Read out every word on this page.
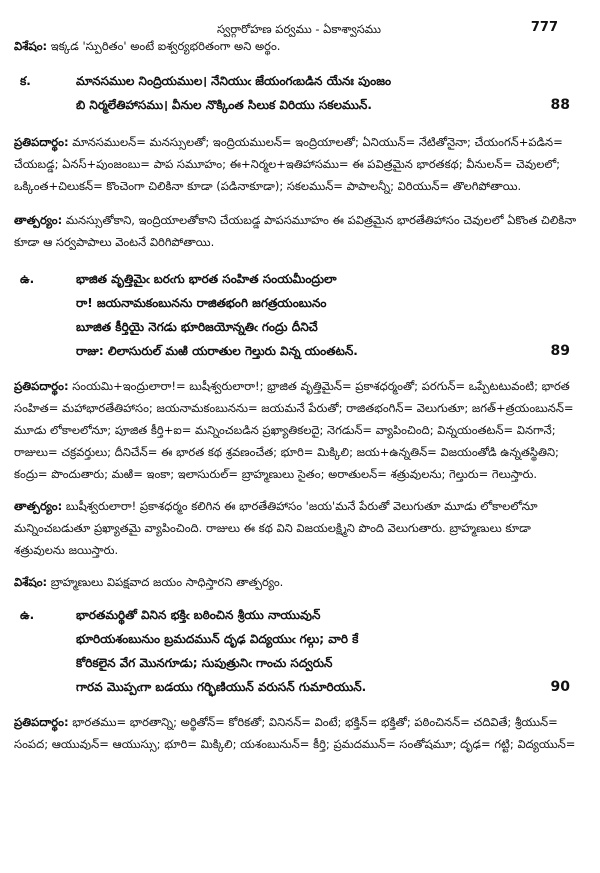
స్వర్గారోహణ పర్వము - ఏకాశ్వాసము	777

విశేషం: ఇక్కడ 'స్పురితం' అంటే ఐశ్వర్యభరితంగా అని అర్థం.

క.	మానసముల నింద్రియముల। నేనియుఁ జేయంగఁబడిన యేనః పుంజం
బి నిర్మలేతిహాసము। వీనుల నొక్కింత సిలుక విరియు సకలమున్.	88

ప్రతిపదార్థం: మానసములన్= మనస్సులతో; ఇంద్రియములన్= ఇంద్రియాలతో; ఏనియున్= నేటితోనైనా; చేయంగన్+పడిన= చేయబడ్డ; ఏనస్+పుంజంబు= పాప సమూహం; ఈ+నిర్మల+ఇతిహాసము= ఈ పవిత్రమైన భారతకథ; వీనులన్= చెవులలో; ఒక్కింత+చిలుకన్= కొంచెంగా చిలికినా కూడా (పడినాకూడా); సకలమున్= పాపాలన్నీ; విరియున్= తొలగిపోతాయి.

తాత్పర్యం: మనస్సుతోకాని, ఇంద్రియాలతోకాని చేయబడ్డ పాపసమూహం ఈ పవిత్రమైన భారతేతిహాసం చెవులలో ఏకొంత చిలికినా కూడా ఆ సర్వపాపాలు వెంటనే విరిగిపోతాయి.

ఉ.	భాజిత వృత్తిమైఁ బరఁగు భారత సంహిత సంయమీంద్రులా
రా! జయనామకంబునను రాజితభంగి జగత్రయంబునం
బూజిత కీర్తియై నెగడు భూరిజయోన్నతిఁ గంద్రు దీనిచే
రాజు: లిలాసురుల్ మఱి యరాతుల గెల్తురు విన్న యంతటన్.	89

ప్రతిపదార్థం: సంయమి+ఇంద్రులారా!= బుషీశ్వరులారా!; భ్రాజిత వృత్తిమైన్= ప్రకాశధర్మంతో; పరగున్= ఒప్పేటటువంటి; భారత సంహిత= మహాభారతేతిహాసం; జయనామకంబునను= జయమనే పేరుతో; రాజితభంగిన్= వెలుగుతూ; జగత్+త్రయంబునన్= మూడు లోకాలలోనూ; పూజిత కీర్తి+ఐ= మన్నించబడిన ప్రఖ్యాతికలదై; నెగడున్= వ్యాపించింది; విన్నయంతటన్= వినగానే; రాజులు= చక్రవర్తులు; దీనిచేన్= ఈ భారత కథ శ్రవణంచేత; భూరి= మిక్కిలి; జయ+ఉన్నతిన్= విజయంతోడి ఉన్నతస్థితిని; కంద్రు= పొందుతారు; మఱి= ఇంకా; ఇలాసురుల్= బ్రాహ్మణులు సైతం; అరాతులన్= శత్రువులను; గెల్తురు= గెలుస్తారు.

తాత్పర్యం: బుషీశ్వరులారా! ప్రకాశధర్మం కలిగిన ఈ భారతేతిహాసం 'జయ'మనే పేరుతో వెలుగుతూ మూడు లోకాలలోనూ మన్నించబడుతూ ప్రఖ్యాతమై వ్యాపించింది. రాజులు ఈ కథ విని విజయలక్ష్మిని పొంది వెలుగుతారు. బ్రాహ్మణులు కూడా శత్రువులను జయిస్తారు.

విశేషం: బ్రాహ్మణులు విపక్షవాద జయం సాధిస్తారని తాత్పర్యం.

ఉ.	భారతమర్థితో వినిన భక్తిఁ బఠించిన శ్రీయు నాయువున్
భూరియశంబునుం బ్రమదమున్ దృఢ విద్యయుఁ గల్గు; వారి కే
కోరికలైన వేగ మొనగూడు; సుపుత్రునిఁ గాంచు సద్వరున్
గారవ మొప్పఁగా బడయు గర్భిణియున్ వరుసన్ గుమారియున్.	90

ప్రతిపదార్థం: భారతము= భారతాన్ని; అర్థితోన్= కోరికతో; వినినన్= వింటే; భక్తిన్= భక్తితో; పఠించినన్= చదివితే; శ్రీయున్= సంపద; ఆయువున్= ఆయుస్సు; భూరి= మిక్కిలి; యశంబునున్= కీర్తి; ప్రమదమున్= సంతోషమూ; దృఢ= గట్టి; విద్యయున్=
